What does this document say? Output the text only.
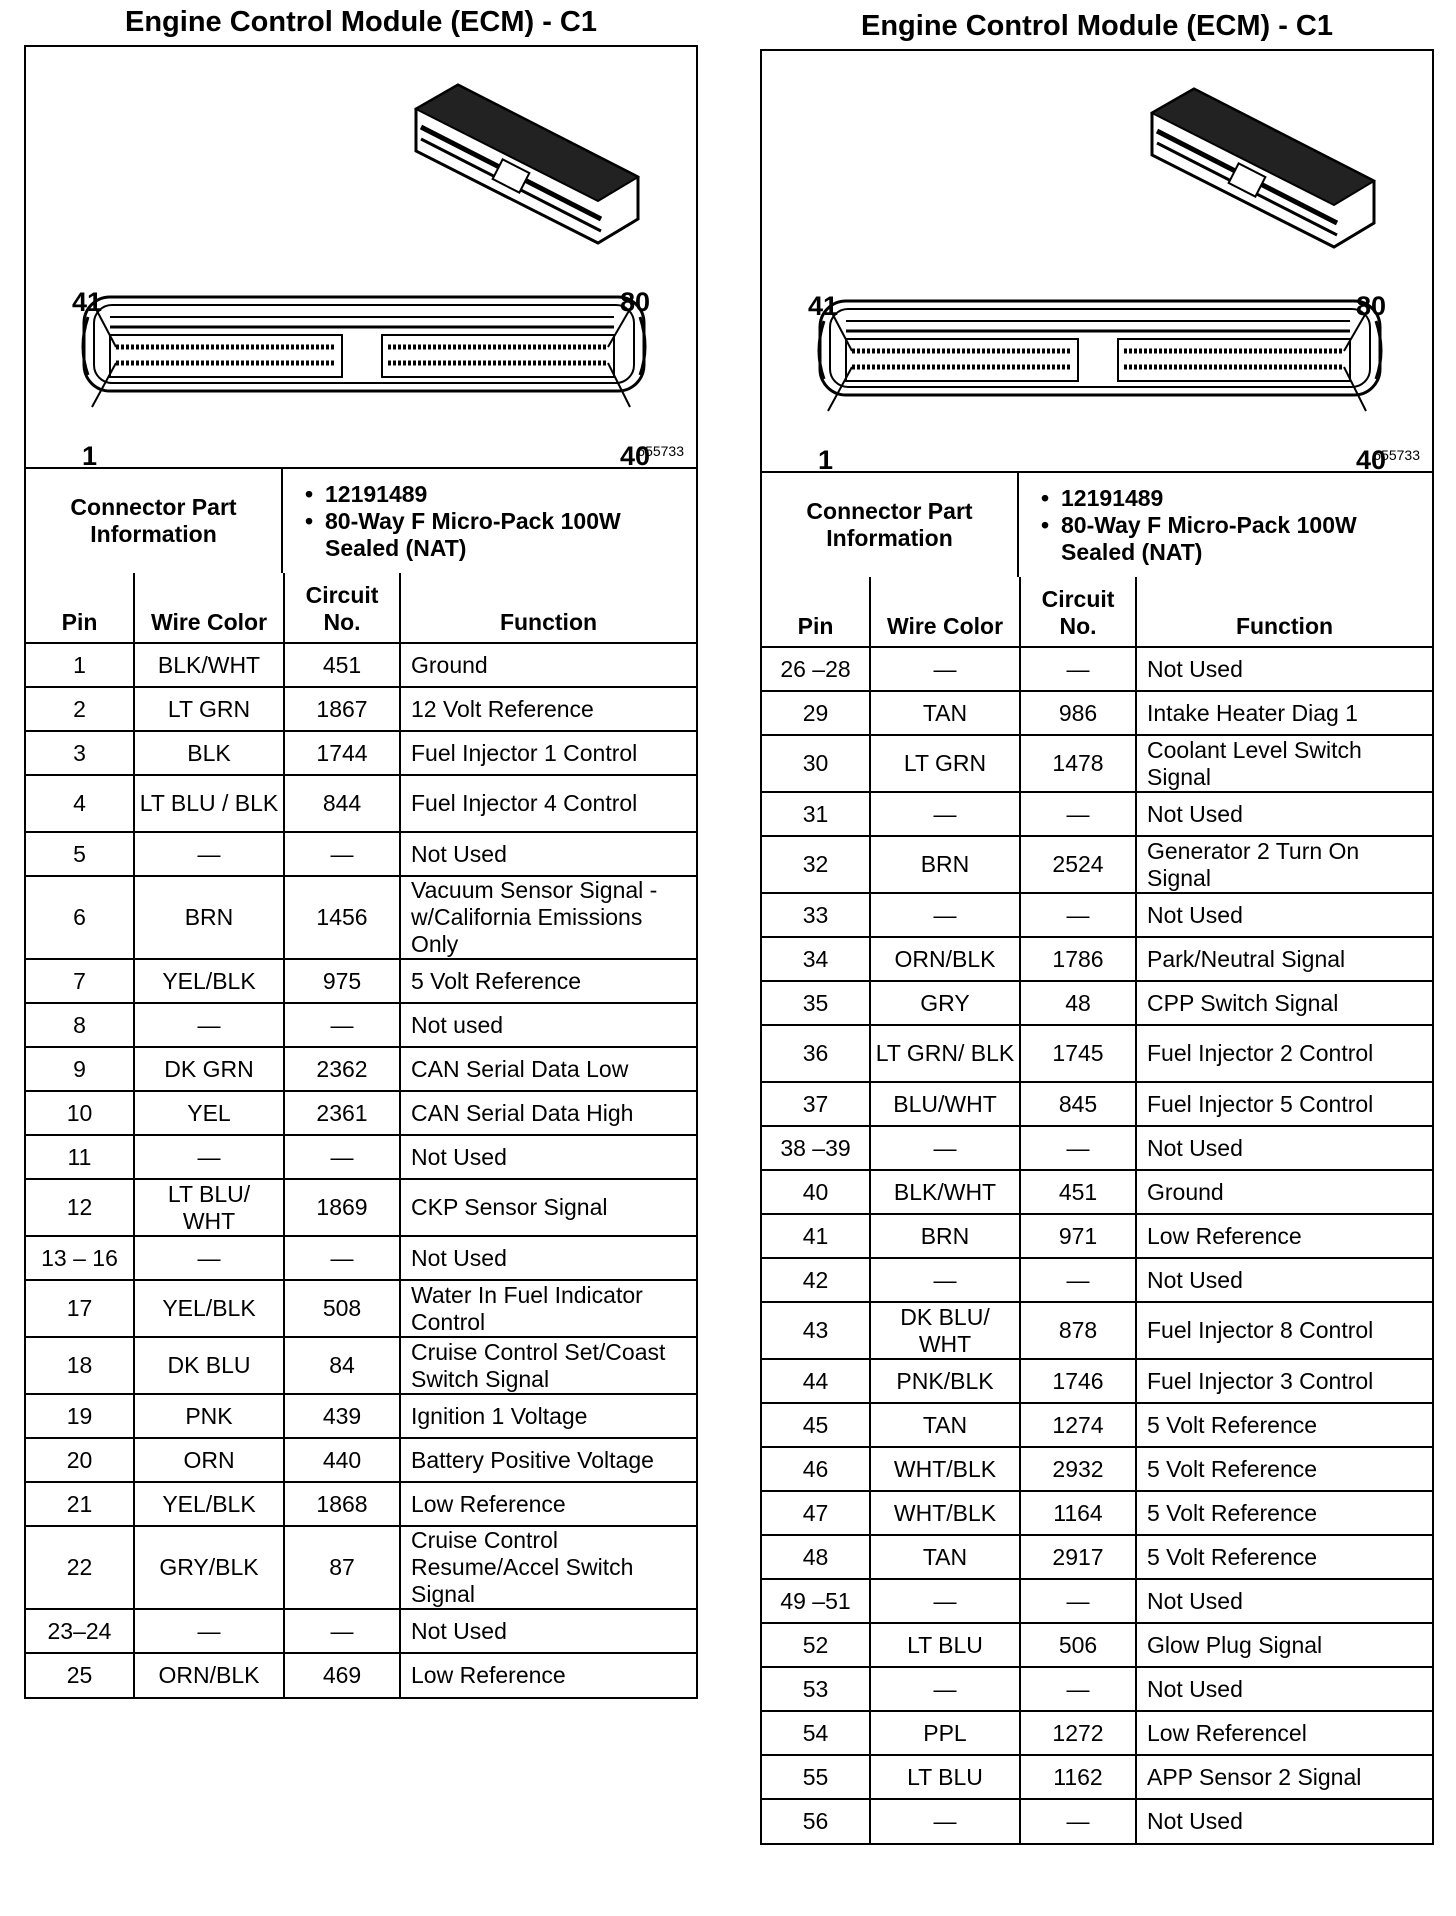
Engine Control Module (ECM) - C1
41	80
1	40
655733
Connector Part Information	
• 12191489
• 80-Way F Micro-Pack 100W Sealed (NAT)
Pin	Wire Color	Circuit No.	Function
1	BLK/WHT	451	Ground
2	LT GRN	1867	12 Volt Reference
3	BLK	1744	Fuel Injector 1 Control
4	LT BLU / BLK	844	Fuel Injector 4 Control
5	—	—	Not Used
6	BRN	1456	Vacuum Sensor Signal - w/California Emissions Only
7	YEL/BLK	975	5 Volt Reference
8	—	—	Not used
9	DK GRN	2362	CAN Serial Data Low
10	YEL	2361	CAN Serial Data High
11	—	—	Not Used
12	LT BLU/ WHT	1869	CKP Sensor Signal
13 – 16	—	—	Not Used
17	YEL/BLK	508	Water In Fuel Indicator Control
18	DK BLU	84	Cruise Control Set/Coast Switch Signal
19	PNK	439	Ignition 1 Voltage
20	ORN	440	Battery Positive Voltage
21	YEL/BLK	1868	Low Reference
22	GRY/BLK	87	Cruise Control Resume/Accel Switch Signal
23–24	—	—	Not Used
25	ORN/BLK	469	Low Reference
Engine Control Module (ECM) - C1
41	80
1	40
655733
Connector Part Information	
• 12191489
• 80-Way F Micro-Pack 100W Sealed (NAT)
Pin	Wire Color	Circuit No.	Function
26 –28	—	—	Not Used
29	TAN	986	Intake Heater Diag 1
30	LT GRN	1478	Coolant Level Switch Signal
31	—	—	Not Used
32	BRN	2524	Generator 2 Turn On Signal
33	—	—	Not Used
34	ORN/BLK	1786	Park/Neutral Signal
35	GRY	48	CPP Switch Signal
36	LT GRN/ BLK	1745	Fuel Injector 2 Control
37	BLU/WHT	845	Fuel Injector 5 Control
38 –39	—	—	Not Used
40	BLK/WHT	451	Ground
41	BRN	971	Low Reference
42	—	—	Not Used
43	DK BLU/ WHT	878	Fuel Injector 8 Control
44	PNK/BLK	1746	Fuel Injector 3 Control
45	TAN	1274	5 Volt Reference
46	WHT/BLK	2932	5 Volt Reference
47	WHT/BLK	1164	5 Volt Reference
48	TAN	2917	5 Volt Reference
49 –51	—	—	Not Used
52	LT BLU	506	Glow Plug Signal
53	—	—	Not Used
54	PPL	1272	Low Referencel
55	LT BLU	1162	APP Sensor 2 Signal
56	—	—	Not Used
